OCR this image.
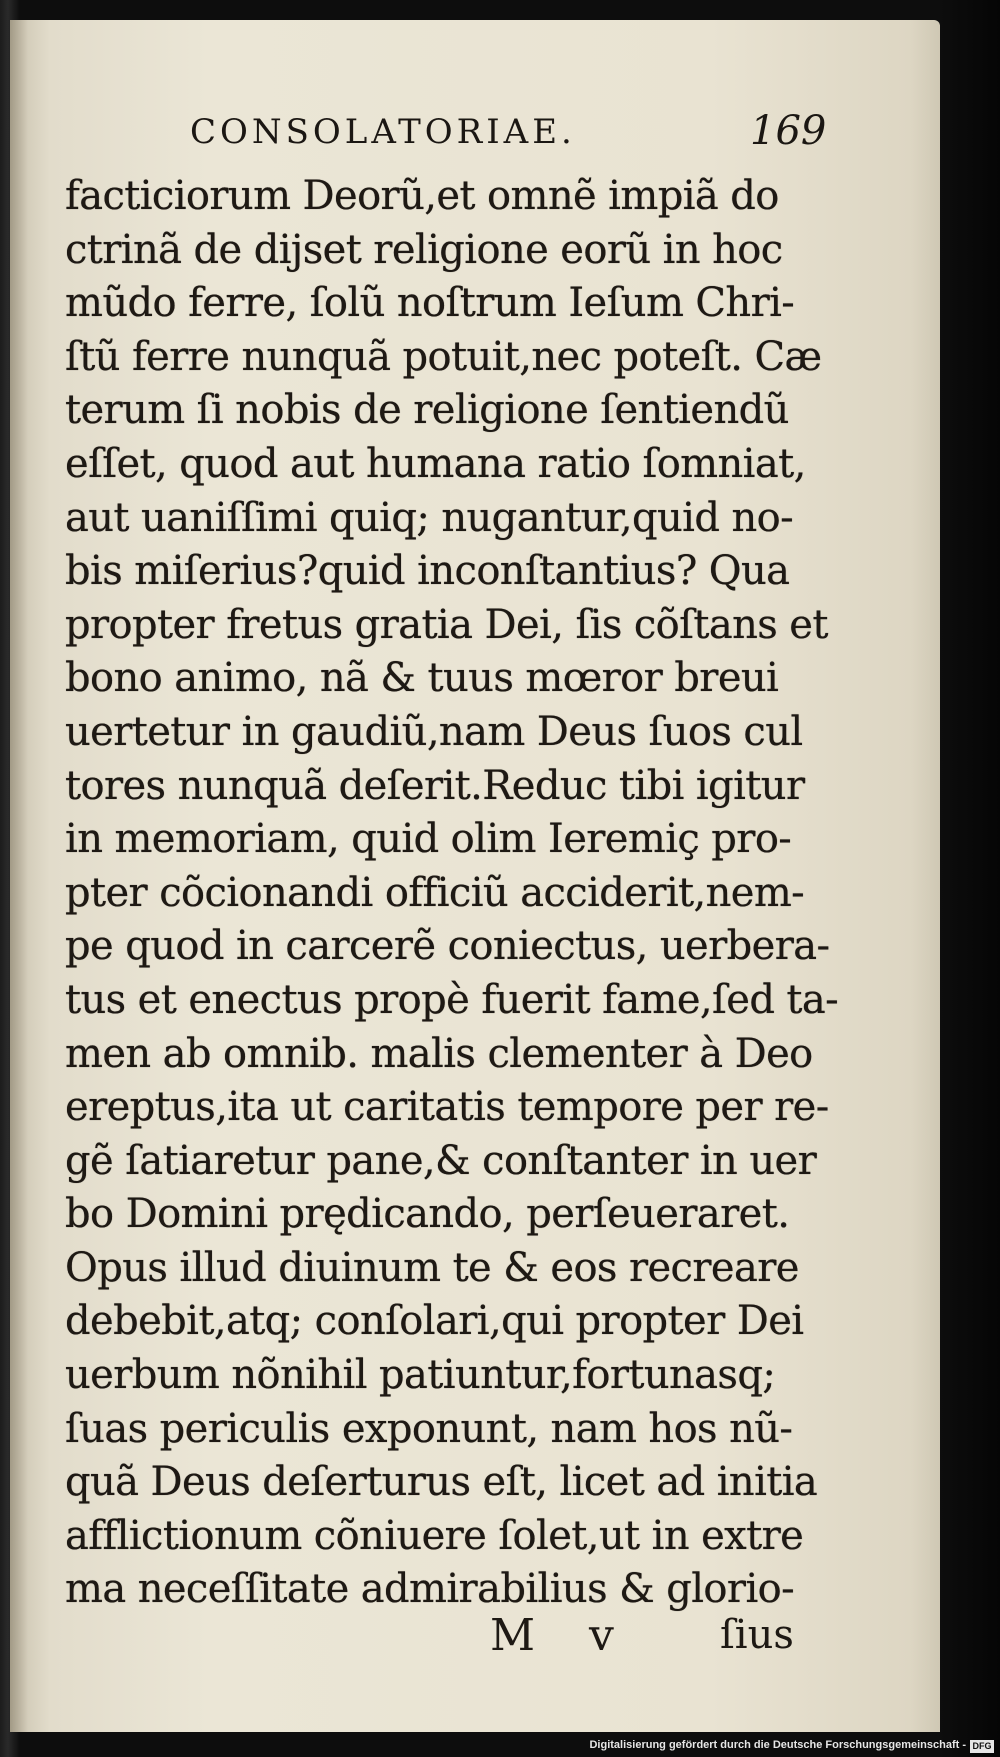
CONSOLATORIAE.	169
facticiorum Deorũ,et omnẽ impiã do
ctrinã de dijset religione eorũ in hoc
mũdo ferre, ſolũ noſtrum Ieſum Chri-
ſtũ ferre nunquã potuit,nec poteſt. Cæ
terum ſi nobis de religione ſentiendũ
eſſet, quod aut humana ratio ſomniat,
aut uaniſſimi quiq; nugantur,quid no-
bis miſerius?quid inconſtantius? Qua
propter fretus gratia Dei, ſis cõſtans et
bono animo, nã & tuus mœror breui
uertetur in gaudiũ,nam Deus ſuos cul
tores nunquã deſerit.Reduc tibi igitur
in memoriam, quid olim Ieremiç pro-
pter cõcionandi officiũ acciderit,nem-
pe quod in carcerẽ coniectus, uerbera-
tus et enectus propè fuerit fame,ſed ta-
men ab omnib. malis clementer à Deo
ereptus,ita ut caritatis tempore per re-
gẽ ſatiaretur pane,& conſtanter in uer
bo Domini prędicando, perſeueraret.
Opus illud diuinum te & eos recreare
debebit,atq; conſolari,qui propter Dei
uerbum nõnihil patiuntur,fortunasq;
ſuas periculis exponunt, nam hos nũ-
quã Deus deſerturus eſt, licet ad initia
afflictionum cõniuere ſolet,ut in extre
ma neceſſitate admirabilius & glorio-
M v ſius
Digitalisierung gefördert durch die Deutsche Forschungsgemeinschaft - DFG
